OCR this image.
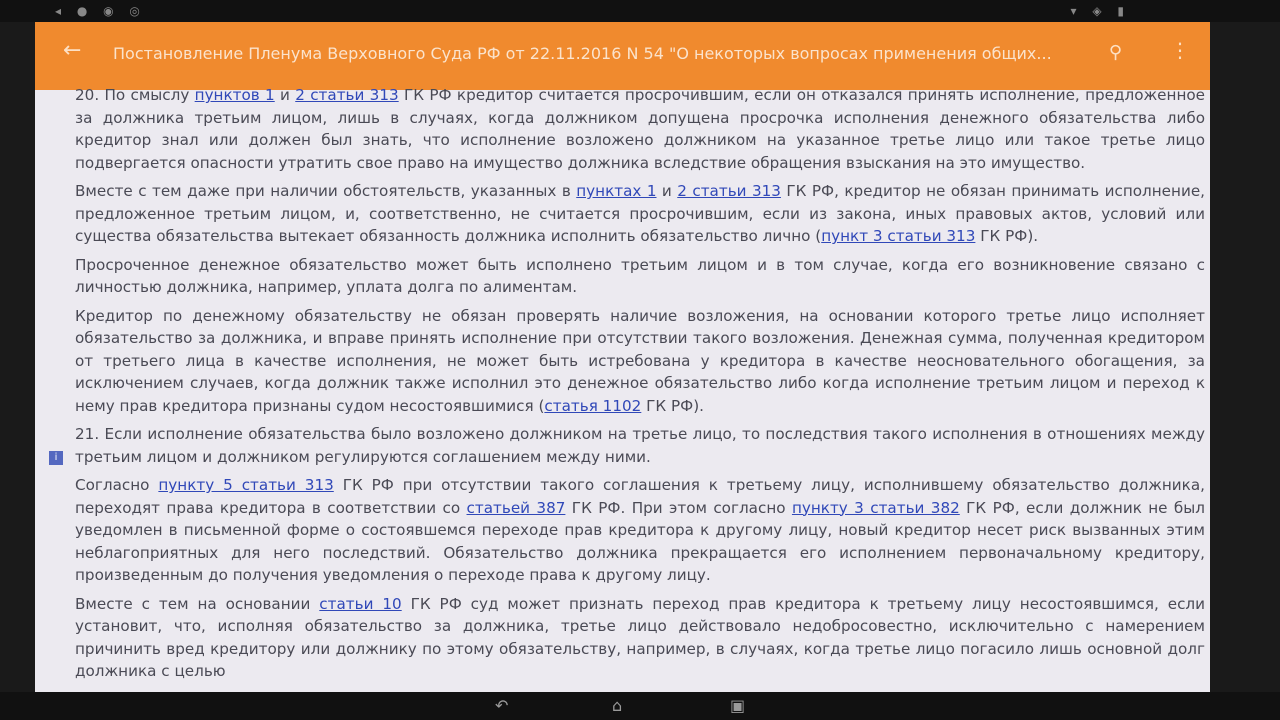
◂ ● ◉ ◎	▾ ◈ ▮
← Постановление Пленума Верховного Суда РФ от 22.11.2016 N 54 "О некоторых вопросах применения общих...	⚲ ⋮
i

20. По смыслу пунктов 1 и 2 статьи 313 ГК РФ кредитор считается просрочившим, если он отказался принять исполнение, предложенное за должника третьим лицом, лишь в случаях, когда должником допущена просрочка исполнения денежного обязательства либо кредитор знал или должен был знать, что исполнение возложено должником на указанное третье лицо или такое третье лицо подвергается опасности утратить свое право на имущество должника вследствие обращения взыскания на это имущество.

Вместе с тем даже при наличии обстоятельств, указанных в пунктах 1 и 2 статьи 313 ГК РФ, кредитор не обязан принимать исполнение, предложенное третьим лицом, и, соответственно, не считается просрочившим, если из закона, иных правовых актов, условий или существа обязательства вытекает обязанность должника исполнить обязательство лично (пункт 3 статьи 313 ГК РФ).

Просроченное денежное обязательство может быть исполнено третьим лицом и в том случае, когда его возникновение связано с личностью должника, например, уплата долга по алиментам.

Кредитор по денежному обязательству не обязан проверять наличие возложения, на основании которого третье лицо исполняет обязательство за должника, и вправе принять исполнение при отсутствии такого возложения. Денежная сумма, полученная кредитором от третьего лица в качестве исполнения, не может быть истребована у кредитора в качестве неосновательного обогащения, за исключением случаев, когда должник также исполнил это денежное обязательство либо когда исполнение третьим лицом и переход к нему прав кредитора признаны судом несостоявшимися (статья 1102 ГК РФ).

21. Если исполнение обязательства было возложено должником на третье лицо, то последствия такого исполнения в отношениях между третьим лицом и должником регулируются соглашением между ними.

Согласно пункту 5 статьи 313 ГК РФ при отсутствии такого соглашения к третьему лицу, исполнившему обязательство должника, переходят права кредитора в соответствии со статьей 387 ГК РФ. При этом согласно пункту 3 статьи 382 ГК РФ, если должник не был уведомлен в письменной форме о состоявшемся переходе прав кредитора к другому лицу, новый кредитор несет риск вызванных этим неблагоприятных для него последствий. Обязательство должника прекращается его исполнением первоначальному кредитору, произведенным до получения уведомления о переходе права к другому лицу.

Вместе с тем на основании статьи 10 ГК РФ суд может признать переход прав кредитора к третьему лицу несостоявшимся, если установит, что, исполняя обязательство за должника, третье лицо действовало недобросовестно, исключительно с намерением причинить вред кредитору или должнику по этому обязательству, например, в случаях, когда третье лицо погасило лишь основной долг должника с целью

↶	⌂	▣
